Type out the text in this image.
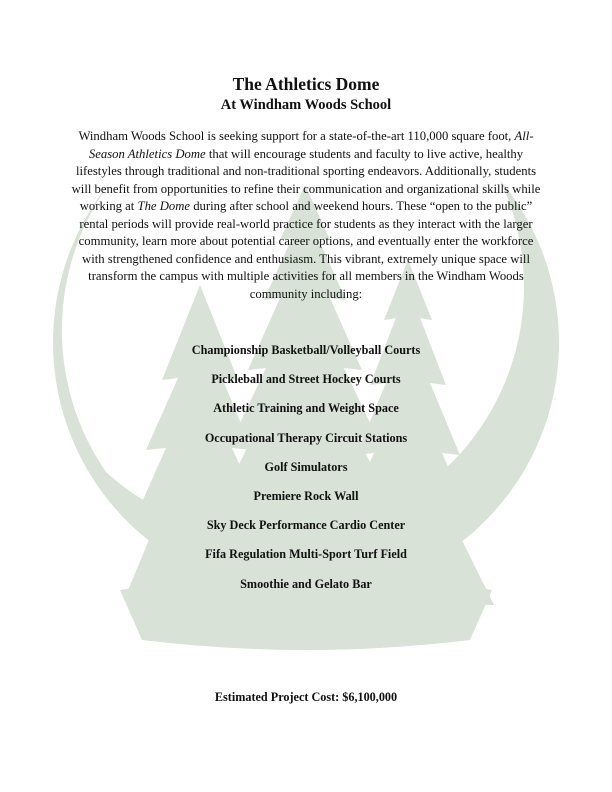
The Athletics Dome
At Windham Woods School

Windham Woods School is seeking support for a state-of-the-art 110,000 square foot, All-Season Athletics Dome that will encourage students and faculty to live active, healthy lifestyles through traditional and non-traditional sporting endeavors. Additionally, students will benefit from opportunities to refine their communication and organizational skills while working at The Dome during after school and weekend hours. These “open to the public” rental periods will provide real-world practice for students as they interact with the larger community, learn more about potential career options, and eventually enter the workforce with strengthened confidence and enthusiasm. This vibrant, extremely unique space will transform the campus with multiple activities for all members in the Windham Woods community including:

Championship Basketball/Volleyball Courts
Pickleball and Street Hockey Courts
Athletic Training and Weight Space
Occupational Therapy Circuit Stations
Golf Simulators
Premiere Rock Wall
Sky Deck Performance Cardio Center
Fifa Regulation Multi-Sport Turf Field
Smoothie and Gelato Bar

Estimated Project Cost: $6,100,000
